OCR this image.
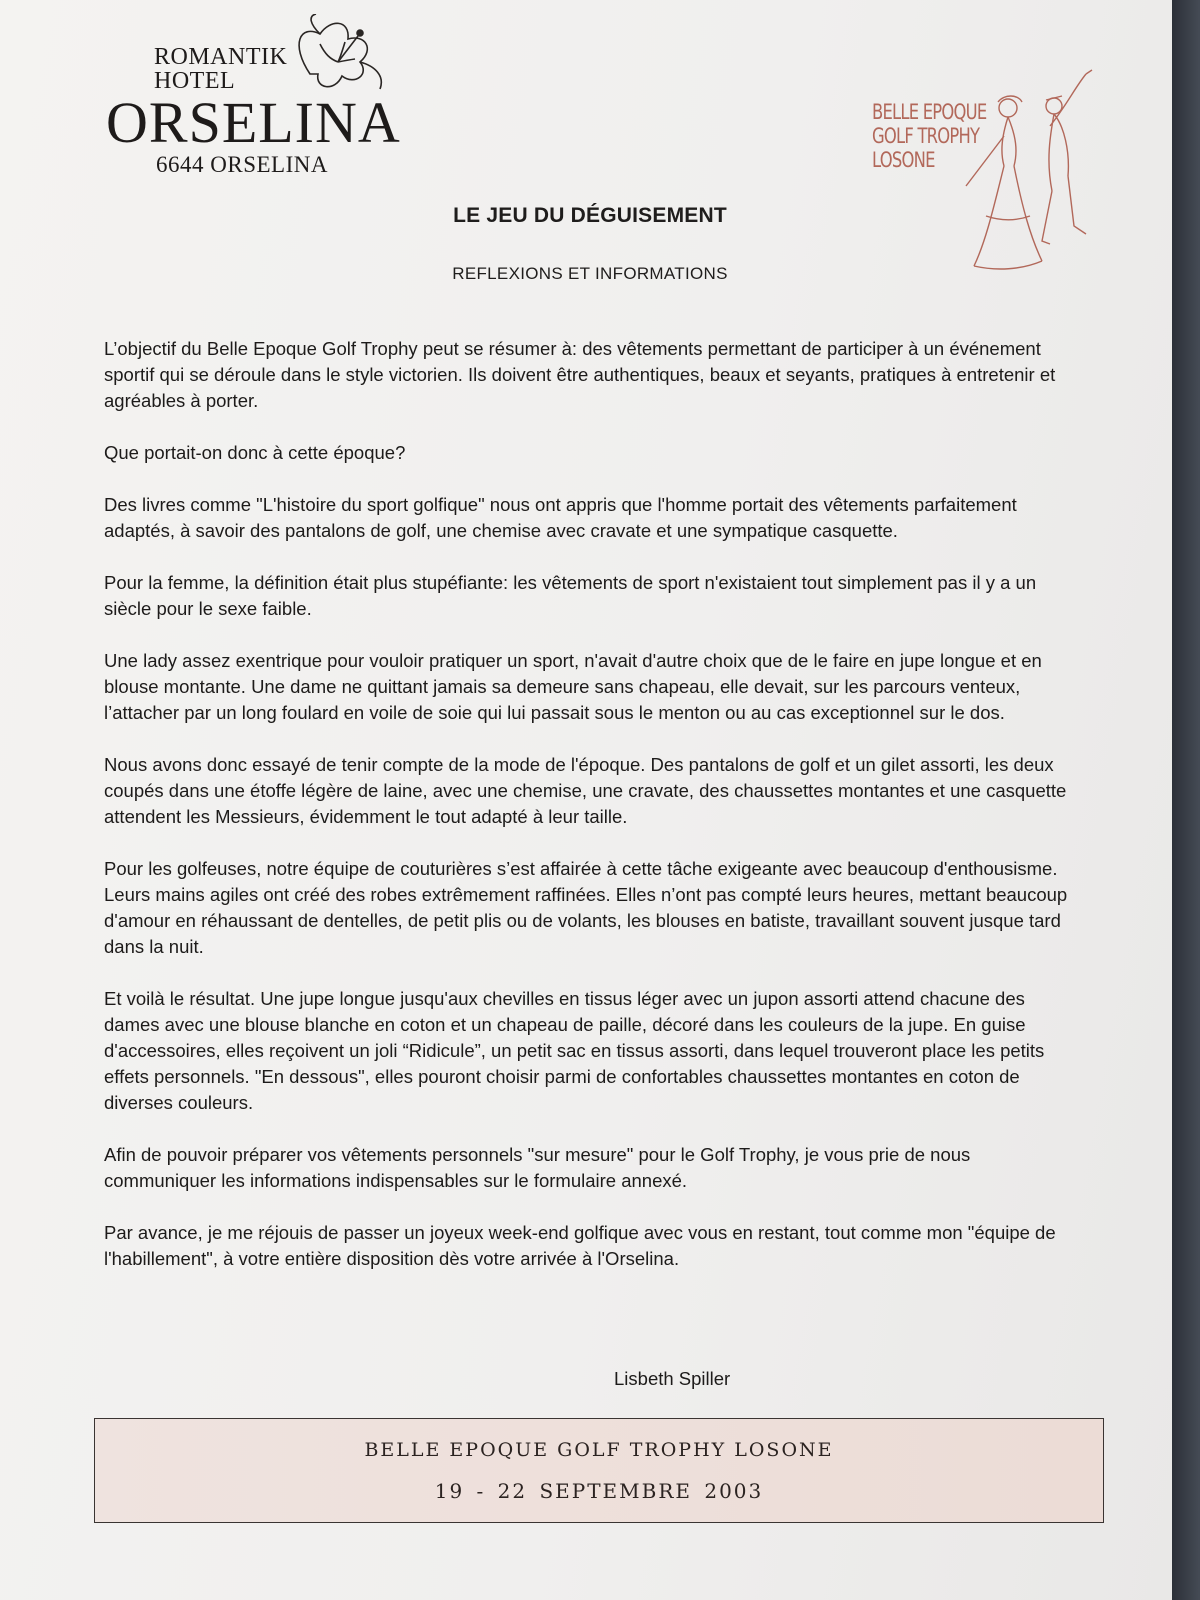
ROMANTIK
HOTEL
ORSELINA
6644 ORSELINA
BELLE EPOQUE
GOLF TROPHY
LOSONE
LE JEU DU DÉGUISEMENT
REFLEXIONS ET INFORMATIONS

L’objectif du Belle Epoque Golf Trophy peut se résumer à: des vêtements permettant de participer à un événement sportif qui se déroule dans le style victorien. Ils doivent être authentiques, beaux et seyants, pratiques à entretenir et agréables à porter.

Que portait-on donc à cette époque?

Des livres comme "L'histoire du sport golfique" nous ont appris que l'homme portait des vêtements parfaitement adaptés, à savoir des pantalons de golf, une chemise avec cravate et une sympatique casquette.

Pour la femme, la définition était plus stupéfiante: les vêtements de sport n'existaient tout simplement pas il y a un siècle pour le sexe faible.

Une lady assez exentrique pour vouloir pratiquer un sport, n'avait d'autre choix que de le faire en jupe longue et en blouse montante. Une dame ne quittant jamais sa demeure sans chapeau, elle devait, sur les parcours venteux, l’attacher par un long foulard en voile de soie qui lui passait sous le menton ou au cas exceptionnel sur le dos.

Nous avons donc essayé de tenir compte de la mode de l'époque. Des pantalons de golf et un gilet assorti, les deux coupés dans une étoffe légère de laine, avec une chemise, une cravate, des chaussettes montantes et une casquette attendent les Messieurs, évidemment le tout adapté à leur taille.

Pour les golfeuses, notre équipe de couturières s’est affairée à cette tâche exigeante avec beaucoup d'enthousisme. Leurs mains agiles ont créé des robes extrêmement raffinées. Elles n’ont pas compté leurs heures, mettant beaucoup d'amour en réhaussant de dentelles, de petit plis ou de volants, les blouses en batiste, travaillant souvent jusque tard dans la nuit.

Et voilà le résultat. Une jupe longue jusqu'aux chevilles en tissus léger avec un jupon assorti attend chacune des dames avec une blouse blanche en coton et un chapeau de paille, décoré dans les couleurs de la jupe. En guise d'accessoires, elles reçoivent un joli “Ridicule”, un petit sac en tissus assorti, dans lequel trouveront place les petits effets personnels. "En dessous", elles pouront choisir parmi de confortables chaussettes montantes en coton de diverses couleurs.

Afin de pouvoir préparer vos vêtements personnels "sur mesure" pour le Golf Trophy, je vous prie de nous communiquer les informations indispensables sur le formulaire annexé.

Par avance, je me réjouis de passer un joyeux week-end golfique avec vous en restant, tout comme mon "équipe de l'habillement", à votre entière disposition dès votre arrivée à l'Orselina.

Lisbeth Spiller
BELLE EPOQUE GOLF TROPHY LOSONE
19 - 22 SEPTEMBRE 2003
